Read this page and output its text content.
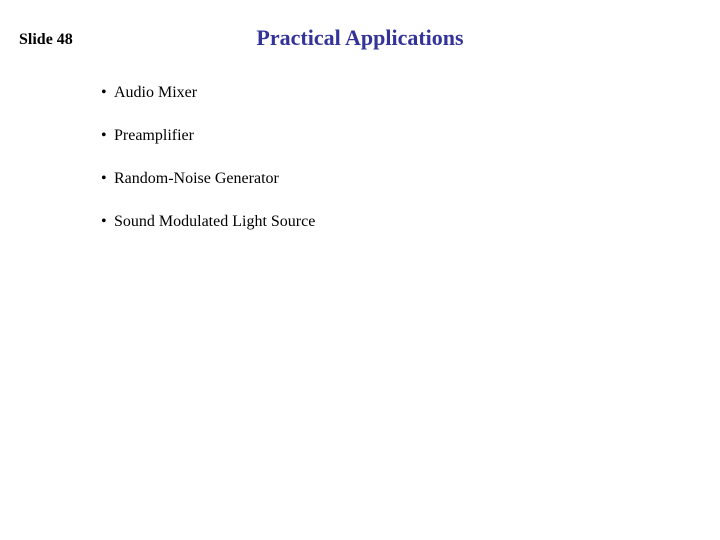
Slide 48	Practical Applications
• Audio Mixer
• Preamplifier
• Random-Noise Generator
• Sound Modulated Light Source
